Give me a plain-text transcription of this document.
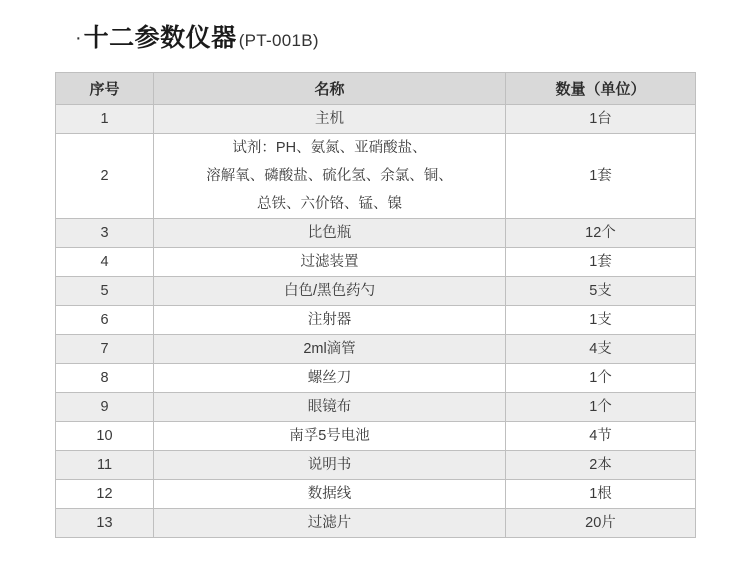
· 十二参数仪器 (PT-001B)
序号	名称	数量（单位）
1	主机	1台
2	试剂：PH、氨氮、亚硝酸盐、
溶解氧、磷酸盐、硫化氢、余氯、铜、
总铁、六价铬、锰、镍	1套
3	比色瓶	12个
4	过滤装置	1套
5	白色/黑色药勺	5支
6	注射器	1支
7	2ml滴管	4支
8	螺丝刀	1个
9	眼镜布	1个
10	南孚5号电池	4节
11	说明书	2本
12	数据线	1根
13	过滤片	20片
